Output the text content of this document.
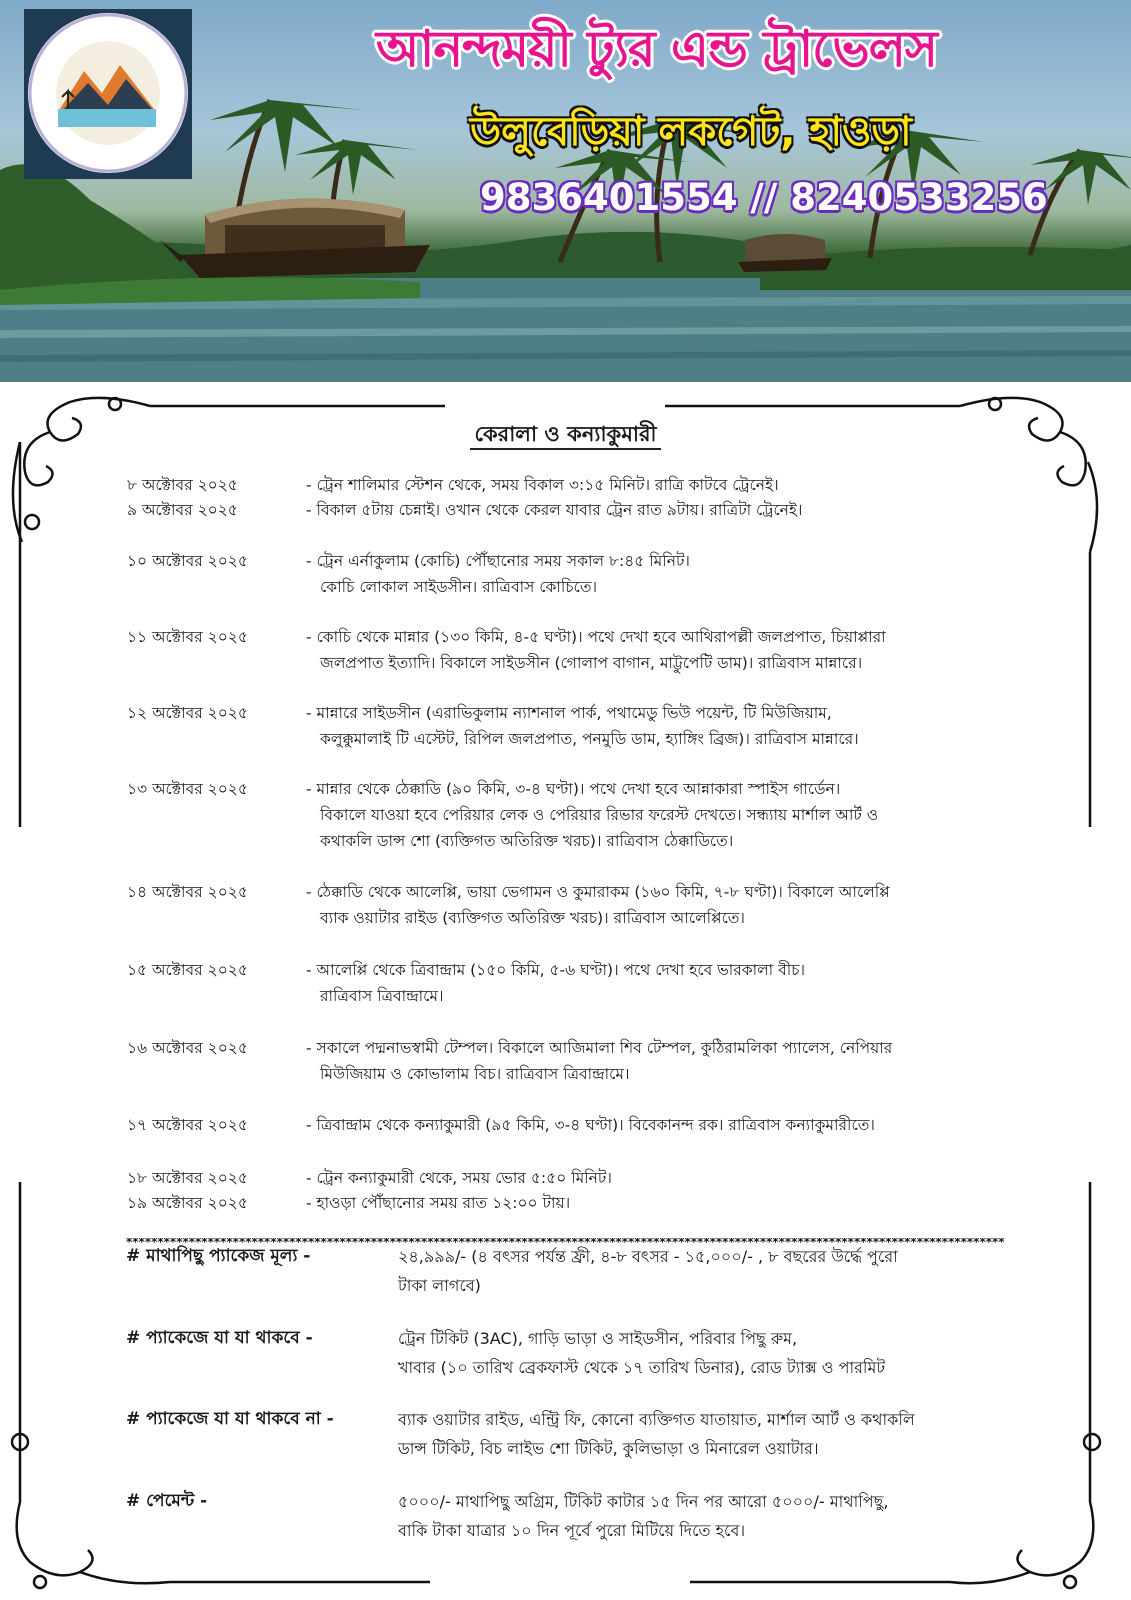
আনন্দময়ী ট্যুর এন্ড ট্রাভেলস
উলুবেড়িয়া লকগেট, হাওড়া
9836401554 // 8240533256
কেরালা ও কন্যাকুমারী
৮ অক্টোবর ২০২৫	- ট্রেন শালিমার স্টেশন থেকে, সময় বিকাল ৩:১৫ মিনিট। রাত্রি কাটবে ট্রেনেই।

৯ অক্টোবর ২০২৫	- বিকাল ৫টায় চেন্নাই। ওখান থেকে কেরল যাবার ট্রেন রাত ৯টায়। রাত্রিটা ট্রেনেই।

১০ অক্টোবর ২০২৫	- ট্রেন এর্নাকুলাম (কোচি) পৌঁছানোর সময় সকাল ৮:৪৫ মিনিট।

কোচি লোকাল সাইডসীন। রাত্রিবাস কোচিতে।

১১ অক্টোবর ২০২৫	- কোচি থেকে মান্নার (১৩০ কিমি, ৪-৫ ঘণ্টা)। পথে দেখা হবে আথিরাপল্লী জলপ্রপাত, চিয়াপ্পারা

জলপ্রপাত ইত্যাদি। বিকালে সাইডসীন (গোলাপ বাগান, মাট্টুপেটি ডাম)। রাত্রিবাস মান্নারে।

১২ অক্টোবর ২০২৫	- মান্নারে সাইডসীন (এরাভিকুলাম ন্যাশনাল পার্ক, পথামেডু ভিউ পয়েন্ট, টি মিউজিয়াম,

কলুক্কুমালাই টি এস্টেট, রিপিল জলপ্রপাত, পনমুডি ডাম, হ্যাঙ্গিং ব্রিজ)। রাত্রিবাস মান্নারে।

১৩ অক্টোবর ২০২৫	- মান্নার থেকে ঠেক্কাডি (৯০ কিমি, ৩-৪ ঘণ্টা)। পথে দেখা হবে আন্নাকারা স্পাইস গার্ডেন।

বিকালে যাওয়া হবে পেরিয়ার লেক ও পেরিয়ার রিভার ফরেস্ট দেখতে। সন্ধ্যায় মার্শাল আর্ট ও

কথাকলি ডান্স শো (ব্যক্তিগত অতিরিক্ত খরচ)। রাত্রিবাস ঠেক্কাডিতে।

১৪ অক্টোবর ২০২৫	- ঠেক্কাডি থেকে আলেপ্পি, ভায়া ভেগামন ও কুমারাকম (১৬০ কিমি, ৭-৮ ঘণ্টা)। বিকালে আলেপ্পি

ব্যাক ওয়াটার রাইড (ব্যক্তিগত অতিরিক্ত খরচ)। রাত্রিবাস আলেপ্পিতে।

১৫ অক্টোবর ২০২৫	- আলেপ্পি থেকে ত্রিবান্দ্রাম (১৫০ কিমি, ৫-৬ ঘণ্টা)। পথে দেখা হবে ভারকালা বীচ।

রাত্রিবাস ত্রিবান্দ্রামে।

১৬ অক্টোবর ২০২৫	- সকালে পদ্মনাভস্বামী টেম্পল। বিকালে আজিমালা শিব টেম্পল, কুঠিরামলিকা প্যালেস, নেপিয়ার

মিউজিয়াম ও কোভালাম বিচ। রাত্রিবাস ত্রিবান্দ্রামে।

১৭ অক্টোবর ২০২৫	- ত্রিবান্দ্রাম থেকে কন্যাকুমারী (৯৫ কিমি, ৩-৪ ঘণ্টা)। বিবেকানন্দ রক। রাত্রিবাস কন্যাকুমারীতে।

১৮ অক্টোবর ২০২৫	- ট্রেন কন্যাকুমারী থেকে, সময় ভোর ৫:৫০ মিনিট।

১৯ অক্টোবর ২০২৫	- হাওড়া পৌঁছানোর সময় রাত ১২:০০ টায়।

********************************************************************************************************************************************
# মাথাপিছু প্যাকেজ মূল্য -	২৪,৯৯৯/- (৪ বৎসর পর্যন্ত ফ্রী, ৪-৮ বৎসর - ১৫,০০০/- , ৮ বছরের উর্দ্ধে পুরো

টাকা লাগবে)

# প্যাকেজে যা যা থাকবে -	ট্রেন টিকিট (3AC), গাড়ি ভাড়া ও সাইডসীন, পরিবার পিছু রুম,

খাবার (১০ তারিখ ব্রেকফাস্ট থেকে ১৭ তারিখ ডিনার), রোড ট্যাক্স ও পারমিট

# প্যাকেজে যা যা থাকবে না -	ব্যাক ওয়াটার রাইড, এন্ট্রি ফি, কোনো ব্যক্তিগত যাতায়াত, মার্শাল আর্ট ও কথাকলি

ডান্স টিকিট, বিচ লাইভ শো টিকিট, কুলিভাড়া ও মিনারেল ওয়াটার।

# পেমেন্ট -	৫০০০/- মাথাপিছু অগ্রিম, টিকিট কাটার ১৫ দিন পর আরো ৫০০০/- মাথাপিছু,

বাকি টাকা যাত্রার ১০ দিন পূর্বে পুরো মিটিয়ে দিতে হবে।
